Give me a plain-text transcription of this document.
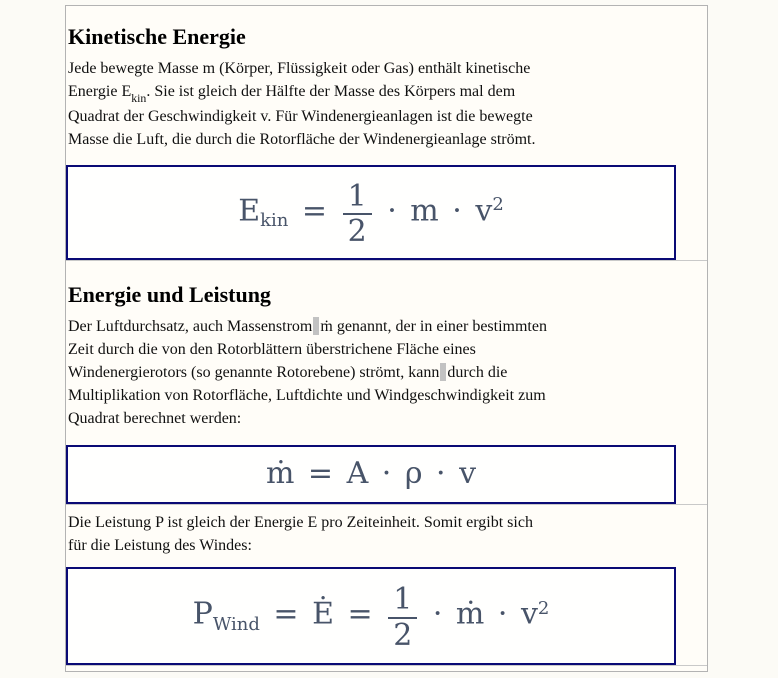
Kinetische Energie

Jede bewegte Masse m (Körper, Flüssigkeit oder Gas) enthält kinetische
Energie $E_{kin}$. Sie ist gleich der Hälfte der Masse des Körpers mal dem
Quadrat der Geschwindigkeit v. Für Windenergieanlagen ist die bewegte
Masse die Luft, die durch die Rotorfläche der Windenergieanlage strömt.

$E_{kin} = \frac{1}{2} \cdot m \cdot v^2$
Energie und Leistung

Der Luftdurchsatz, auch Massenstrom ṁ genannt, der in einer bestimmten
Zeit durch die von den Rotorblättern überstrichene Fläche eines
Windenergierotors (so genannte Rotorebene) strömt, kann durch die
Multiplikation von Rotorfläche, Luftdichte und Windgeschwindigkeit zum
Quadrat berechnet werden:

ṁ = A · ρ · v

Die Leistung P ist gleich der Energie E pro Zeiteinheit. Somit ergibt sich
für die Leistung des Windes:

$P_{Wind}$ = Ė = $\frac{1}{2}$ · ṁ · $v^2$
